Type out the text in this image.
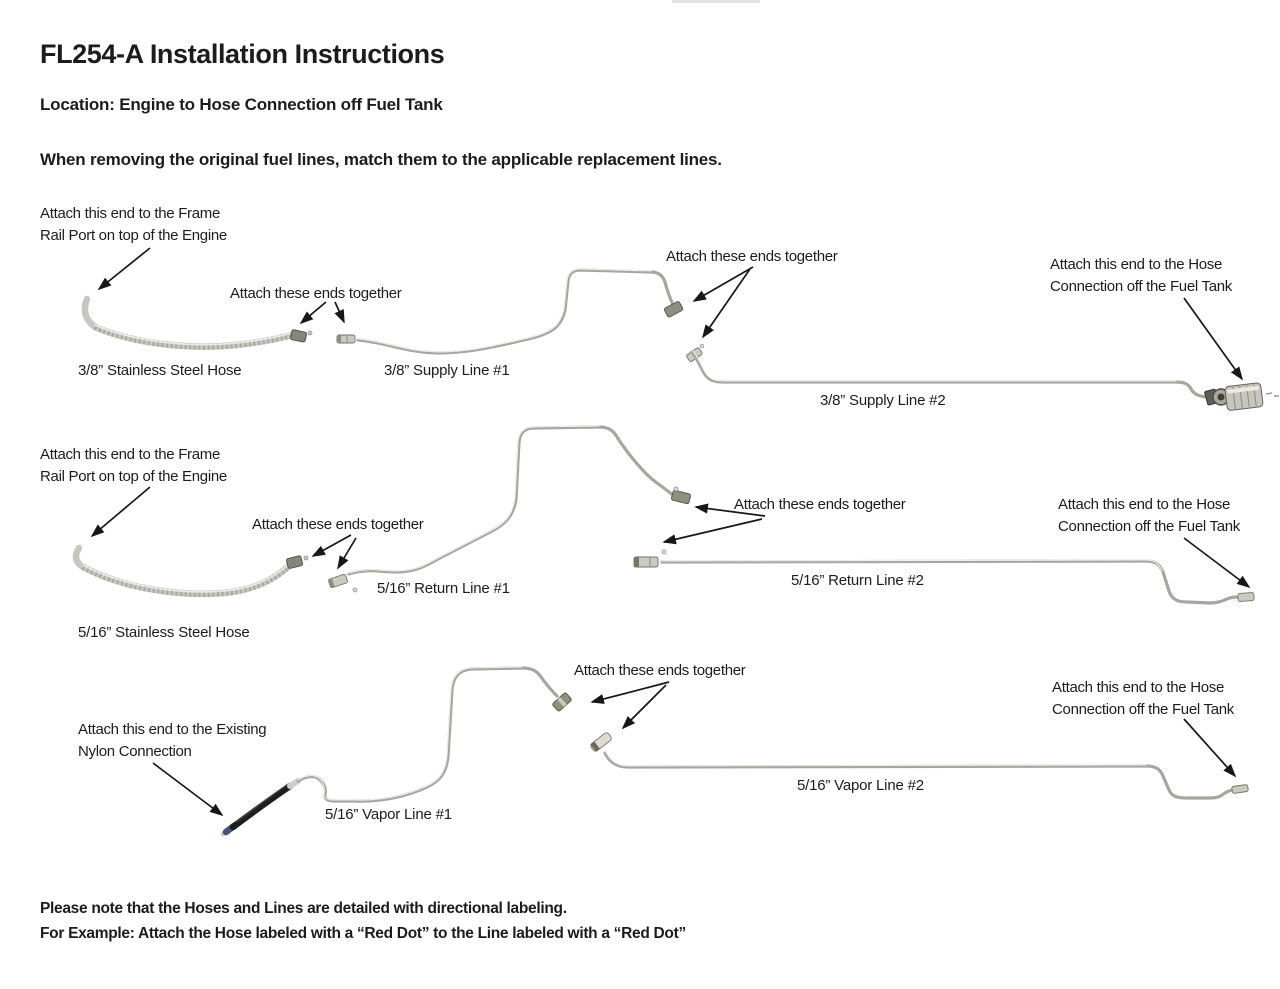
FL254-A Installation Instructions
Location: Engine to Hose Connection off Fuel Tank
When removing the original fuel lines, match them to the applicable replacement lines.
Attach this end to the Frame
Rail Port on top of the Engine
Attach these ends together
Attach these ends together	Attach this end to the Hose
Connection off the Fuel Tank
3/8” Stainless Steel Hose	3/8” Supply Line #1
3/8” Supply Line #2
Attach this end to the Frame
Rail Port on top of the Engine
Attach these ends together
Attach these ends together	Attach this end to the Hose
Connection off the Fuel Tank
5/16” Return Line #1	5/16” Return Line #2
5/16” Stainless Steel Hose
Attach these ends together
Attach this end to the Hose
Connection off the Fuel Tank
Attach this end to the Existing
Nylon Connection
5/16” Vapor Line #1
5/16” Vapor Line #2
Please note that the Hoses and Lines are detailed with directional labeling.
For Example: Attach the Hose labeled with a “Red Dot” to the Line labeled with a “Red Dot”
